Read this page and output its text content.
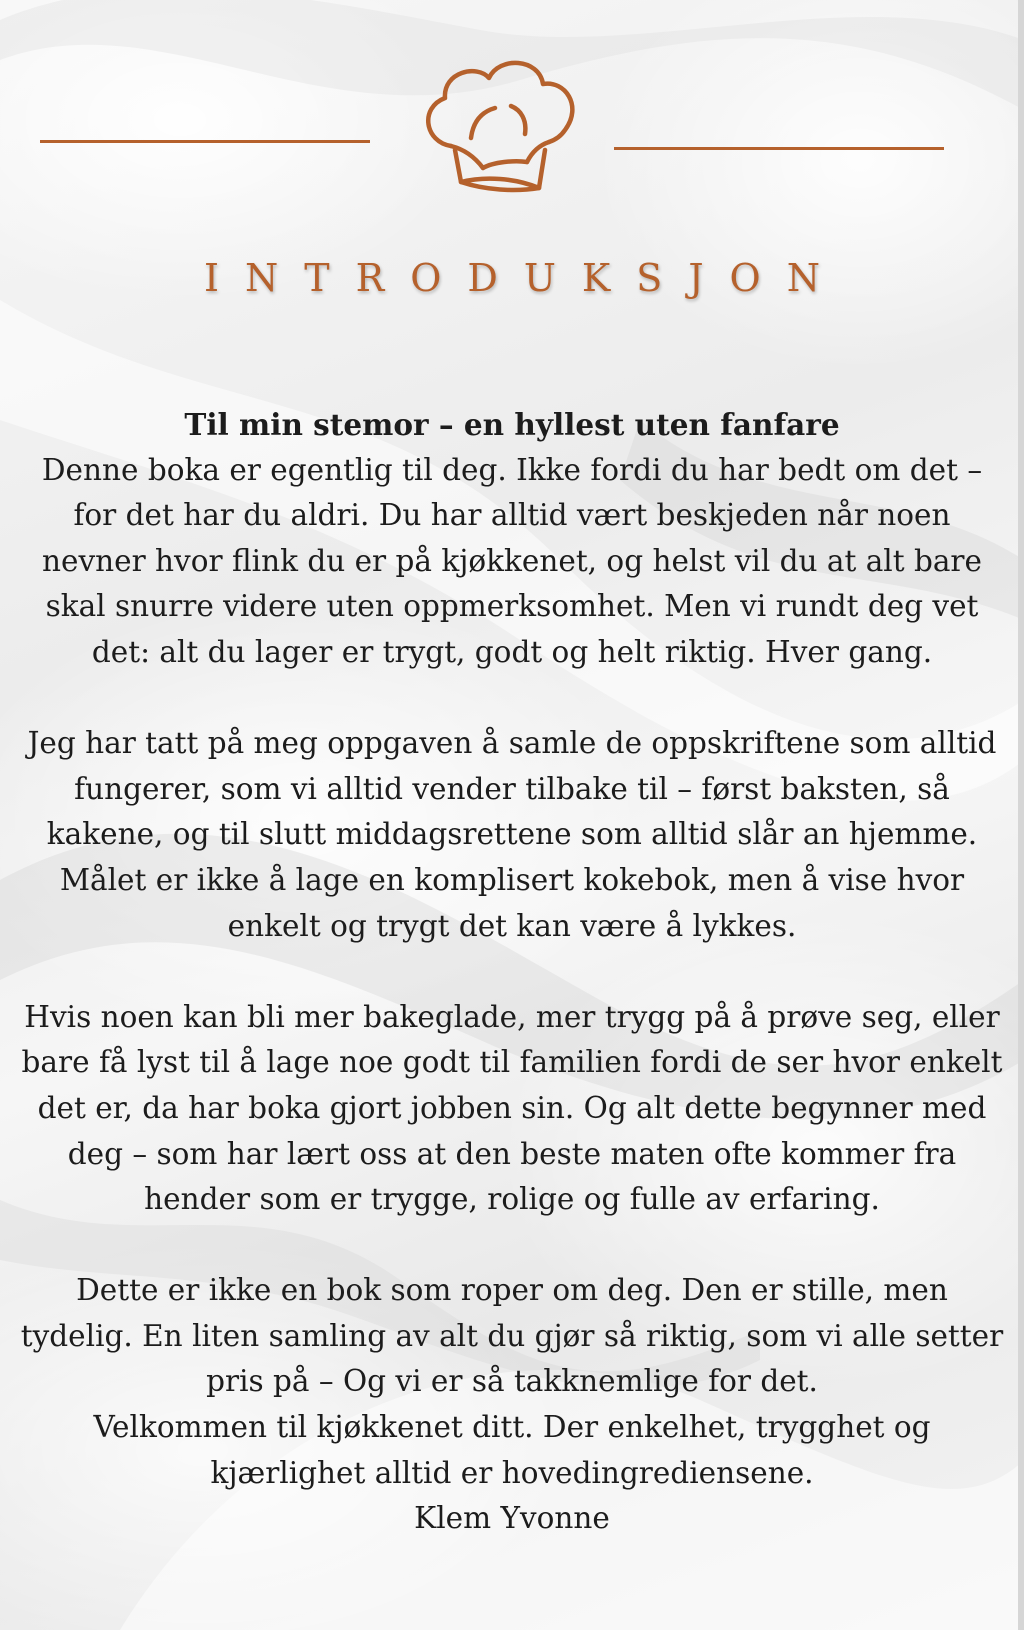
INTRODUKSJON

Til min stemor – en hyllest uten fanfare
Denne boka er egentlig til deg. Ikke fordi du har bedt om det – for det har du aldri. Du har alltid vært beskjeden når noen nevner hvor flink du er på kjøkkenet, og helst vil du at alt bare skal snurre videre uten oppmerksomhet. Men vi rundt deg vet det: alt du lager er trygt, godt og helt riktig. Hver gang.

Jeg har tatt på meg oppgaven å samle de oppskriftene som alltid fungerer, som vi alltid vender tilbake til – først baksten, så kakene, og til slutt middagsrettene som alltid slår an hjemme. Målet er ikke å lage en komplisert kokebok, men å vise hvor enkelt og trygt det kan være å lykkes.

Hvis noen kan bli mer bakeglade, mer trygg på å prøve seg, eller bare få lyst til å lage noe godt til familien fordi de ser hvor enkelt det er, da har boka gjort jobben sin. Og alt dette begynner med deg – som har lært oss at den beste maten ofte kommer fra hender som er trygge, rolige og fulle av erfaring.

Dette er ikke en bok som roper om deg. Den er stille, men tydelig. En liten samling av alt du gjør så riktig, som vi alle setter pris på – Og vi er så takknemlige for det.
Velkommen til kjøkkenet ditt. Der enkelhet, trygghet og kjærlighet alltid er hovedingrediensene.
Klem Yvonne
